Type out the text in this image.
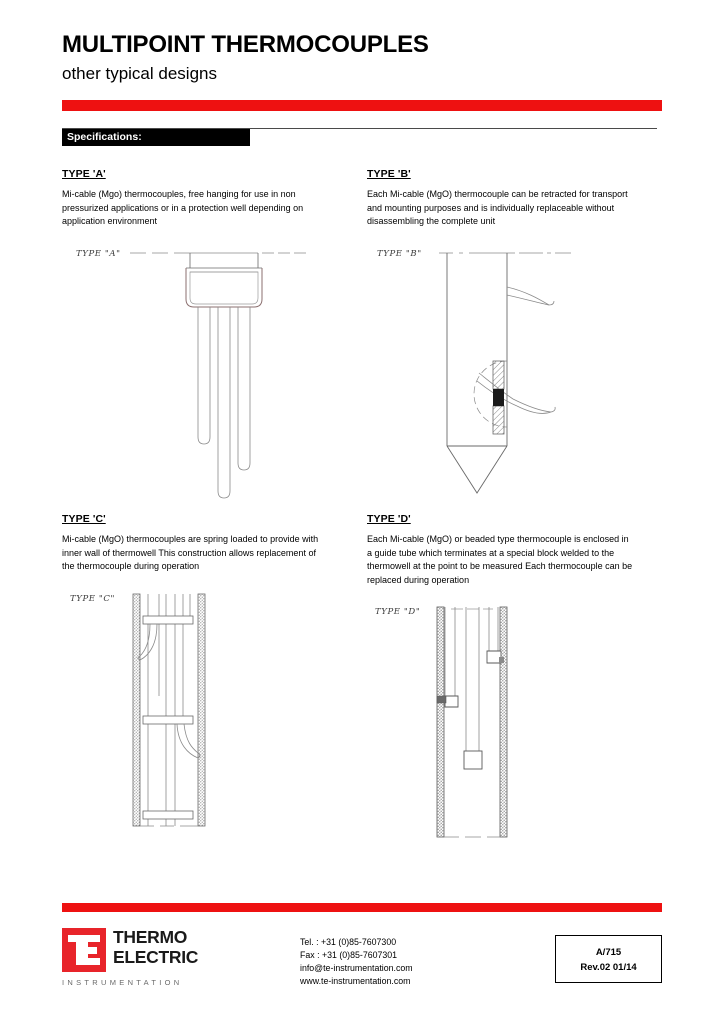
MULTIPOINT THERMOCOUPLES
other typical designs
Specifications:
TYPE 'A'

Mi-cable (Mgo) thermocouples, free hanging for use in non pressurized applications or in a protection well depending on application environment

TYPE "A"
TYPE 'B'

Each Mi-cable (MgO) thermocouple can be retracted for transport and mounting purposes and is individually replaceable without disassembling the complete unit

TYPE "B"
TYPE 'C'

Mi-cable (MgO) thermocouples are spring loaded to provide with inner wall of thermowell This construction allows replacement of the thermocouple during operation

TYPE "C"
TYPE 'D'

Each Mi-cable (MgO) or beaded type thermocouple is enclosed in a guide tube which terminates at a special block welded to the thermowell at the point to be measured Each thermocouple can be replaced during operation

TYPE "D"
THERMO
ELECTRIC
INSTRUMENTATION
Tel. : +31 (0)85-7607300
Fax : +31 (0)85-7607301
info@te-instrumentation.com
www.te-instrumentation.com
A/715
Rev.02 01/14
